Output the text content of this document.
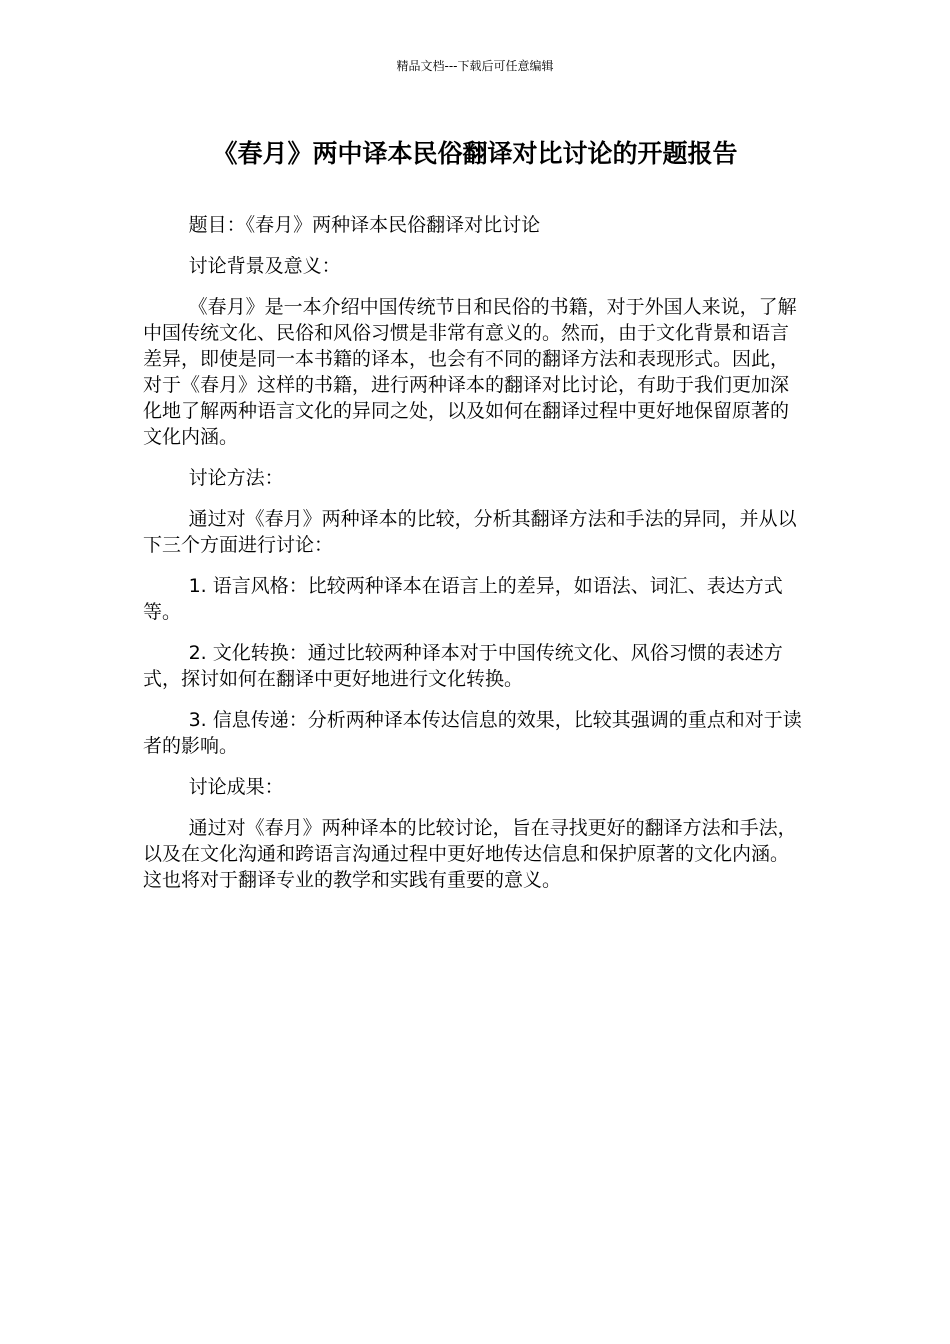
精品文档---下载后可任意编辑
《春月》两中译本民俗翻译对比讨论的开题报告

题目：《春月》两种译本民俗翻译对比讨论

讨论背景及意义：

《春月》是一本介绍中国传统节日和民俗的书籍，对于外国人来说，了解中国传统文化、民俗和风俗习惯是非常有意义的。然而，由于文化背景和语言差异，即使是同一本书籍的译本，也会有不同的翻译方法和表现形式。因此，对于《春月》这样的书籍，进行两种译本的翻译对比讨论，有助于我们更加深化地了解两种语言文化的异同之处，以及如何在翻译过程中更好地保留原著的文化内涵。

讨论方法：

通过对《春月》两种译本的比较，分析其翻译方法和手法的异同，并从以下三个方面进行讨论：

1. 语言风格：比较两种译本在语言上的差异，如语法、词汇、表达方式等。

2. 文化转换：通过比较两种译本对于中国传统文化、风俗习惯的表述方式，探讨如何在翻译中更好地进行文化转换。

3. 信息传递：分析两种译本传达信息的效果，比较其强调的重点和对于读者的影响。

讨论成果：

通过对《春月》两种译本的比较讨论，旨在寻找更好的翻译方法和手法，以及在文化沟通和跨语言沟通过程中更好地传达信息和保护原著的文化内涵。这也将对于翻译专业的教学和实践有重要的意义。
